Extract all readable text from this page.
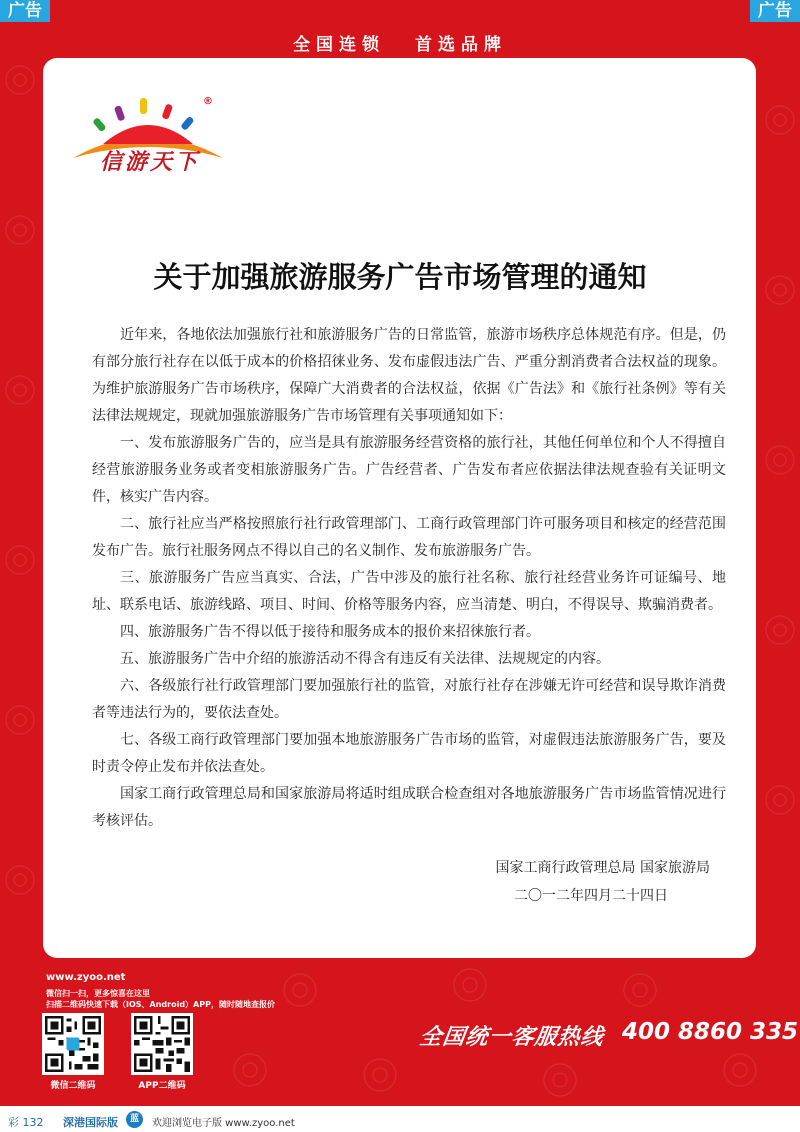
广告	广告
全国连锁 首选品牌
®
信游天下
关于加强旅游服务广告市场管理的通知

近年来，各地依法加强旅行社和旅游服务广告的日常监管，旅游市场秩序总体规范有序。但是，仍有部分旅行社存在以低于成本的价格招徕业务、发布虚假违法广告、严重分割消费者合法权益的现象。为维护旅游服务广告市场秩序，保障广大消费者的合法权益，依据《广告法》和《旅行社条例》等有关法律法规规定，现就加强旅游服务广告市场管理有关事项通知如下：

一、发布旅游服务广告的，应当是具有旅游服务经营资格的旅行社，其他任何单位和个人不得擅自经营旅游服务业务或者变相旅游服务广告。广告经营者、广告发布者应依据法律法规查验有关证明文件，核实广告内容。

二、旅行社应当严格按照旅行社行政管理部门、工商行政管理部门许可服务项目和核定的经营范围发布广告。旅行社服务网点不得以自己的名义制作、发布旅游服务广告。

三、旅游服务广告应当真实、合法，广告中涉及的旅行社名称、旅行社经营业务许可证编号、地址、联系电话、旅游线路、项目、时间、价格等服务内容，应当清楚、明白，不得误导、欺骗消费者。

四、旅游服务广告不得以低于接待和服务成本的报价来招徕旅行者。

五、旅游服务广告中介绍的旅游活动不得含有违反有关法律、法规规定的内容。

六、各级旅行社行政管理部门要加强旅行社的监管，对旅行社存在涉嫌无许可经营和误导欺诈消费者等违法行为的，要依法查处。

七、各级工商行政管理部门要加强本地旅游服务广告市场的监管，对虚假违法旅游服务广告，要及时责令停止发布并依法查处。

国家工商行政管理总局和国家旅游局将适时组成联合检查组对各地旅游服务广告市场监管情况进行考核评估。

国家工商行政管理总局 国家旅游局
二〇一二年四月二十四日
www.zyoo.net
微信扫一扫，更多惊喜在这里
扫描二维码快速下载（IOS、Android）APP，随时随地查报价
微信二维码	APP二维码
全国统一客服热线 400 8860 335
彩 132 深港国际版	蓝	欢迎浏览电子版 www.zyoo.net
